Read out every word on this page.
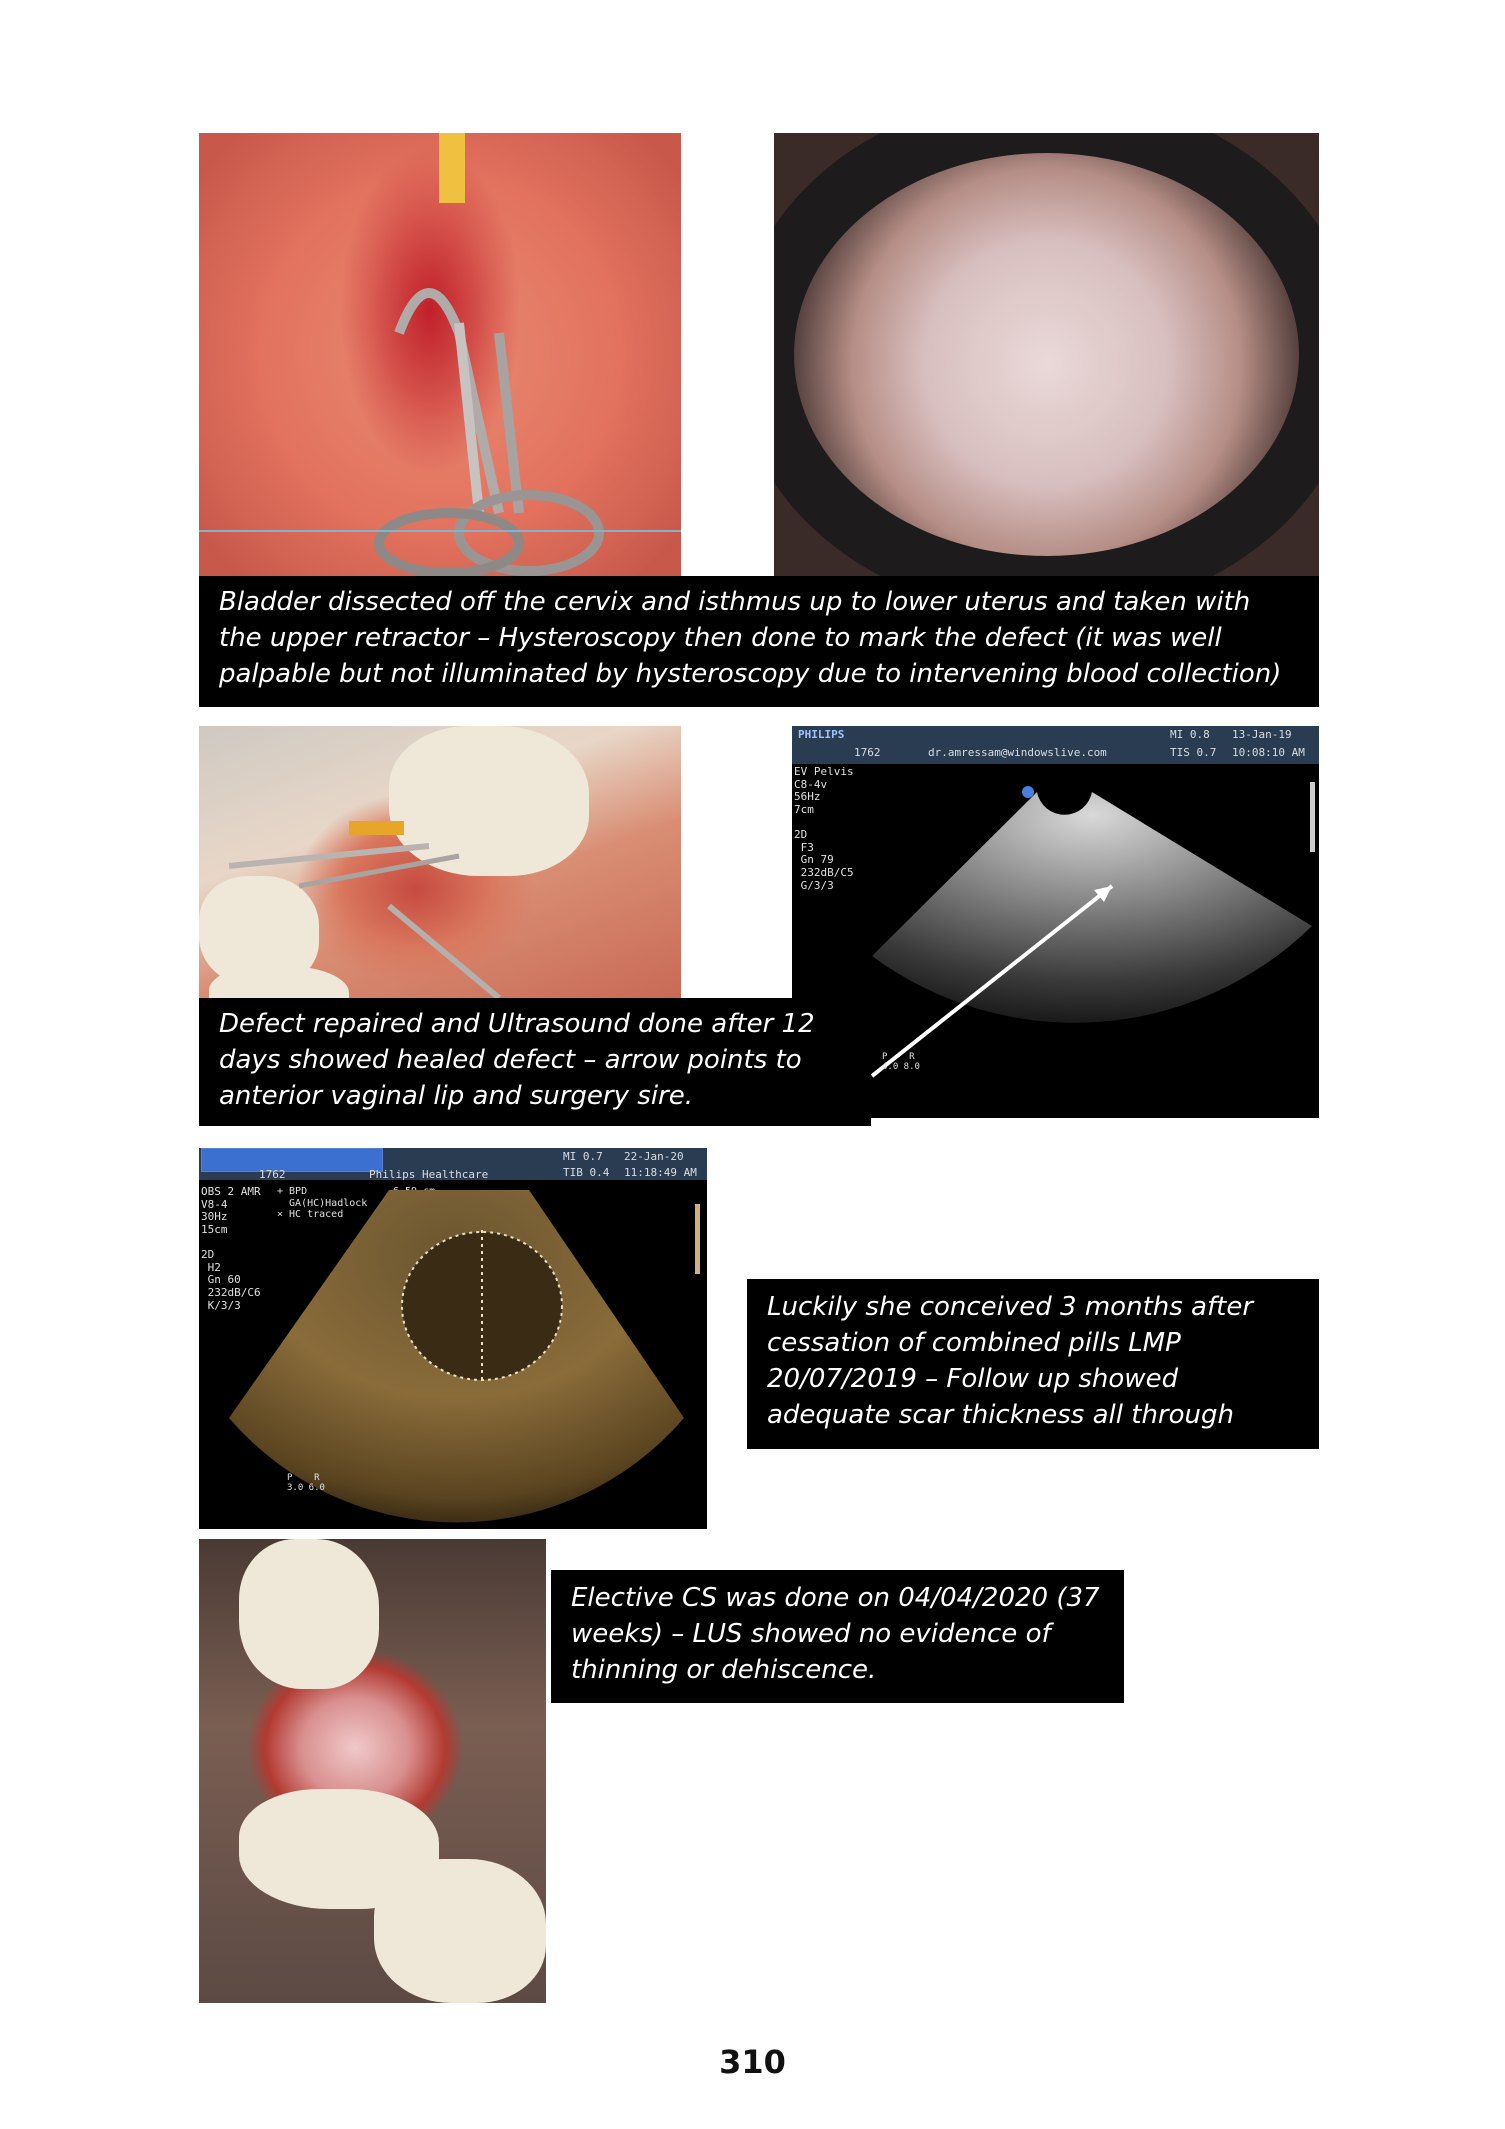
Bladder dissected off the cervix and isthmus up to lower uterus and taken with the upper retractor – Hysteroscopy then done to mark the defect (it was well palpable but not illuminated by hysteroscopy due to intervening blood collection)
PHILIPS
1762	dr.amressam@windowslive.com
MI 0.8
TIS 0.7
13-Jan-19
10:08:10 AM
EV Pelvis
C8-4v
56Hz
7cm

2D
F3
Gn 79
232dB/C5
G/3/3
P    R
4.0 8.0
Defect repaired and Ultrasound done after 12 days showed healed defect – arrow points to anterior vaginal lip and surgery sire.
1762	Philips Healthcare
MI 0.7
TIB 0.4
22-Jan-20
11:18:49 AM
OBS 2 AMR
V8-4
30Hz
15cm

2D
H2
Gn 60
232dB/C6
K/3/3
+ BPD
GA(HC)Hadlock
× HC traced
P    R
3.0 6.0
Luckily she conceived 3 months after cessation of combined pills LMP 20/07/2019 – Follow up showed adequate scar thickness all through
Elective CS was done on 04/04/2020 (37 weeks) – LUS showed no evidence of thinning or dehiscence.
310
